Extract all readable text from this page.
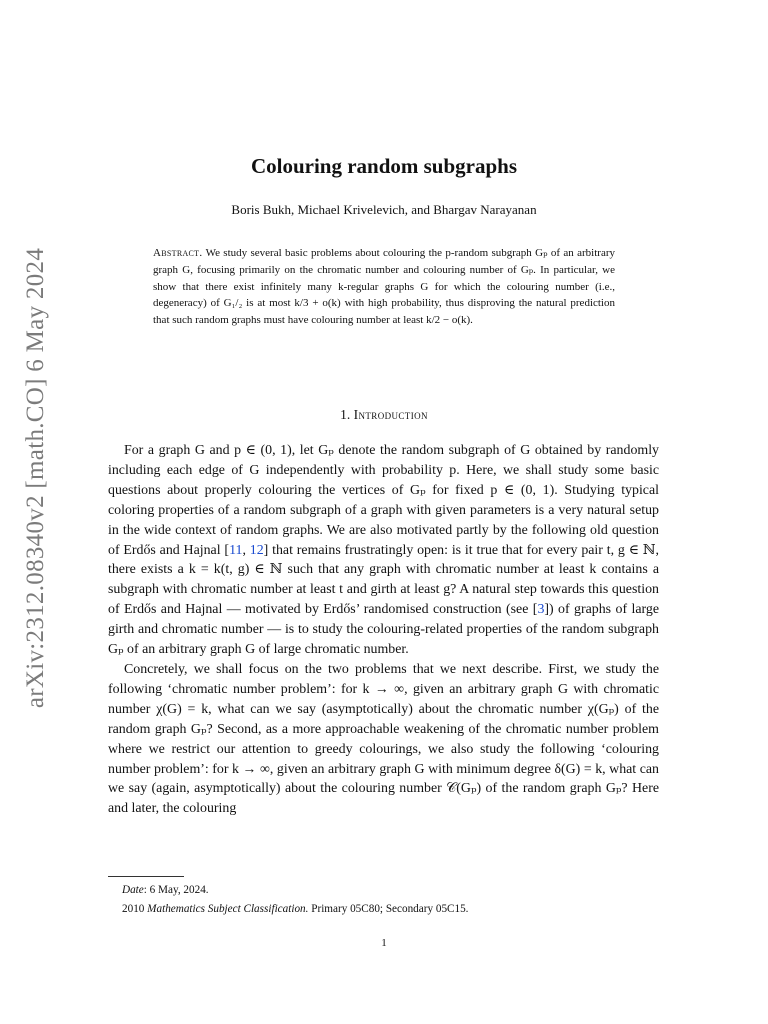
arXiv:2312.08340v2 [math.CO] 6 May 2024
Colouring random subgraphs
Boris Bukh, Michael Krivelevich, and Bhargav Narayanan
Abstract. We study several basic problems about colouring the p-random subgraph Gₚ of an arbitrary graph G, focusing primarily on the chromatic number and colouring number of Gₚ. In particular, we show that there exist infinitely many k-regular graphs G for which the colouring number (i.e., degeneracy) of G₁/₂ is at most k/3 + o(k) with high probability, thus disproving the natural prediction that such random graphs must have colouring number at least k/2 − o(k).
1. Introduction

For a graph G and p ∈ (0, 1), let Gₚ denote the random subgraph of G obtained by randomly including each edge of G independently with probability p. Here, we shall study some basic questions about properly colouring the vertices of Gₚ for fixed p ∈ (0, 1). Studying typical coloring properties of a random subgraph of a graph with given parameters is a very natural setup in the wide context of random graphs. We are also motivated partly by the following old question of Erdős and Hajnal [11, 12] that remains frustratingly open: is it true that for every pair t, g ∈ ℕ, there exists a k = k(t, g) ∈ ℕ such that any graph with chromatic number at least k contains a subgraph with chromatic number at least t and girth at least g? A natural step towards this question of Erdős and Hajnal — motivated by Erdős’ randomised construction (see [3]) of graphs of large girth and chromatic number — is to study the colouring-related properties of the random subgraph Gₚ of an arbitrary graph G of large chromatic number.

Concretely, we shall focus on the two problems that we next describe. First, we study the following ‘chromatic number problem’: for k → ∞, given an arbitrary graph G with chromatic number χ(G) = k, what can we say (asymptotically) about the chromatic number χ(Gₚ) of the random graph Gₚ? Second, as a more approachable weakening of the chromatic number problem where we restrict our attention to greedy colourings, we also study the following ‘colouring number problem’: for k → ∞, given an arbitrary graph G with minimum degree δ(G) = k, what can we say (again, asymptotically) about the colouring number 𝒞(Gₚ) of the random graph Gₚ? Here and later, the colouring

Date: 6 May, 2024.
2010 Mathematics Subject Classification. Primary 05C80; Secondary 05C15.
1
